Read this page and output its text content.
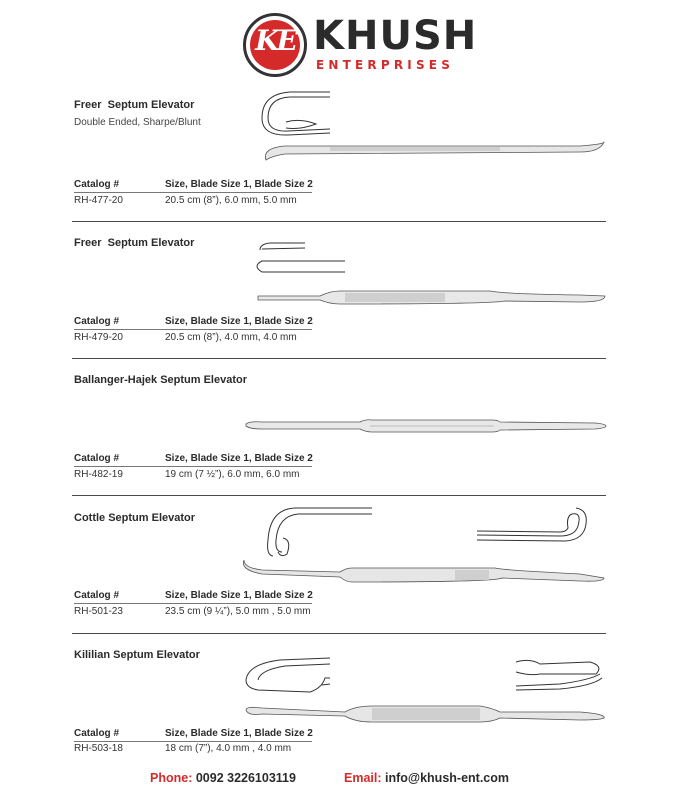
KE KHUSH
ENTERPRISES
Freer  Septum Elevator
Double Ended, Sharpe/Blunt
Catalog #	Size, Blade Size 1, Blade Size 2
RH-477-20	20.5 cm (8”), 6.0 mm, 5.0 mm
Freer  Septum Elevator
Catalog #	Size, Blade Size 1, Blade Size 2
RH-479-20	20.5 cm (8”), 4.0 mm, 4.0 mm
Ballanger-Hajek Septum Elevator
Catalog #	Size, Blade Size 1, Blade Size 2
RH-482-19	19 cm (7 ½”), 6.0 mm, 6.0 mm
Cottle Septum Elevator
Catalog #	Size, Blade Size 1, Blade Size 2
RH-501-23	23.5 cm (9 ¼”), 5.0 mm , 5.0 mm
Kililian Septum Elevator
Catalog #	Size, Blade Size 1, Blade Size 2
RH-503-18	18 cm (7”), 4.0 mm , 4.0 mm
Phone: 0092 3226103119	Email: info@khush-ent.com
